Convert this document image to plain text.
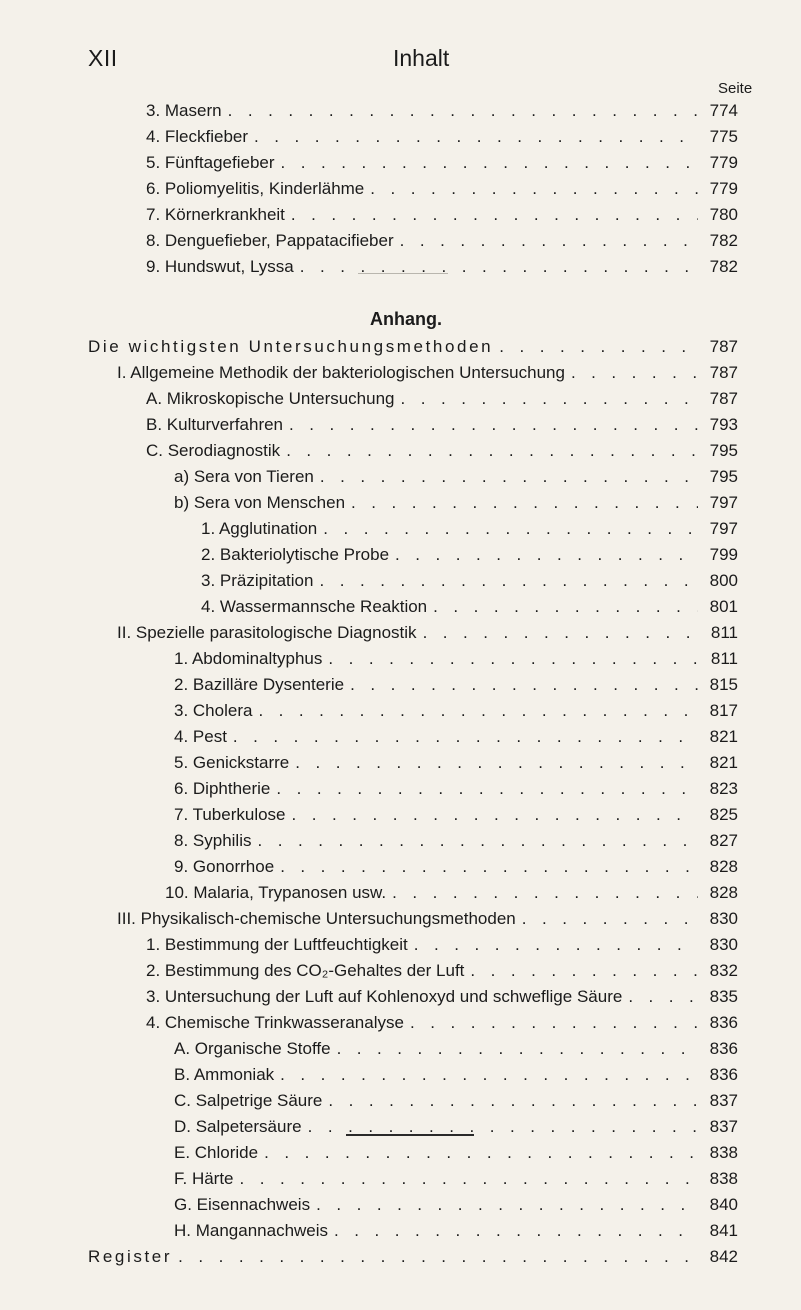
XII	Inhalt
Seite
3. Masern . . .	774
4. Fleckfieber . . .	775
5. Fünftagefieber . . .	779
6. Poliomyelitis, Kinderlähme . . .	779
7. Körnerkrankheit . . .	780
8. Denguefieber, Pappatacifieber . . .	782
9. Hundswut, Lyssa . . .	782
Anhang.
Die wichtigsten Untersuchungsmethoden . . .	787
I. Allgemeine Methodik der bakteriologischen Untersuchung . . .	787
A. Mikroskopische Untersuchung . . .	787
B. Kulturverfahren . . .	793
C. Serodiagnostik . . .	795
a) Sera von Tieren . . .	795
b) Sera von Menschen . . .	797
1. Agglutination . . .	797
2. Bakteriolytische Probe . . .	799
3. Präzipitation . . .	800
4. Wassermannsche Reaktion . . .	801
II. Spezielle parasitologische Diagnostik . . .	811
1. Abdominaltyphus . . .	811
2. Bazilläre Dysenterie . . .	815
3. Cholera . . .	817
4. Pest . . .	821
5. Genickstarre . . .	821
6. Diphtherie . . .	823
7. Tuberkulose . . .	825
8. Syphilis . . .	827
9. Gonorrhoe . . .	828
10. Malaria, Trypanosen usw. . . .	828
III. Physikalisch-chemische Untersuchungsmethoden . . .	830
1. Bestimmung der Luftfeuchtigkeit . . .	830
2. Bestimmung des CO₂-Gehaltes der Luft . . .	832
3. Untersuchung der Luft auf Kohlenoxyd und schweflige Säure . . .	835
4. Chemische Trinkwasseranalyse . . .	836
A. Organische Stoffe . . .	836
B. Ammoniak . . .	836
C. Salpetrige Säure . . .	837
D. Salpetersäure . . .	837
E. Chloride . . .	838
F. Härte . . .	838
G. Eisennachweis . . .	840
H. Mangannachweis . . .	841
Register . . .	842
